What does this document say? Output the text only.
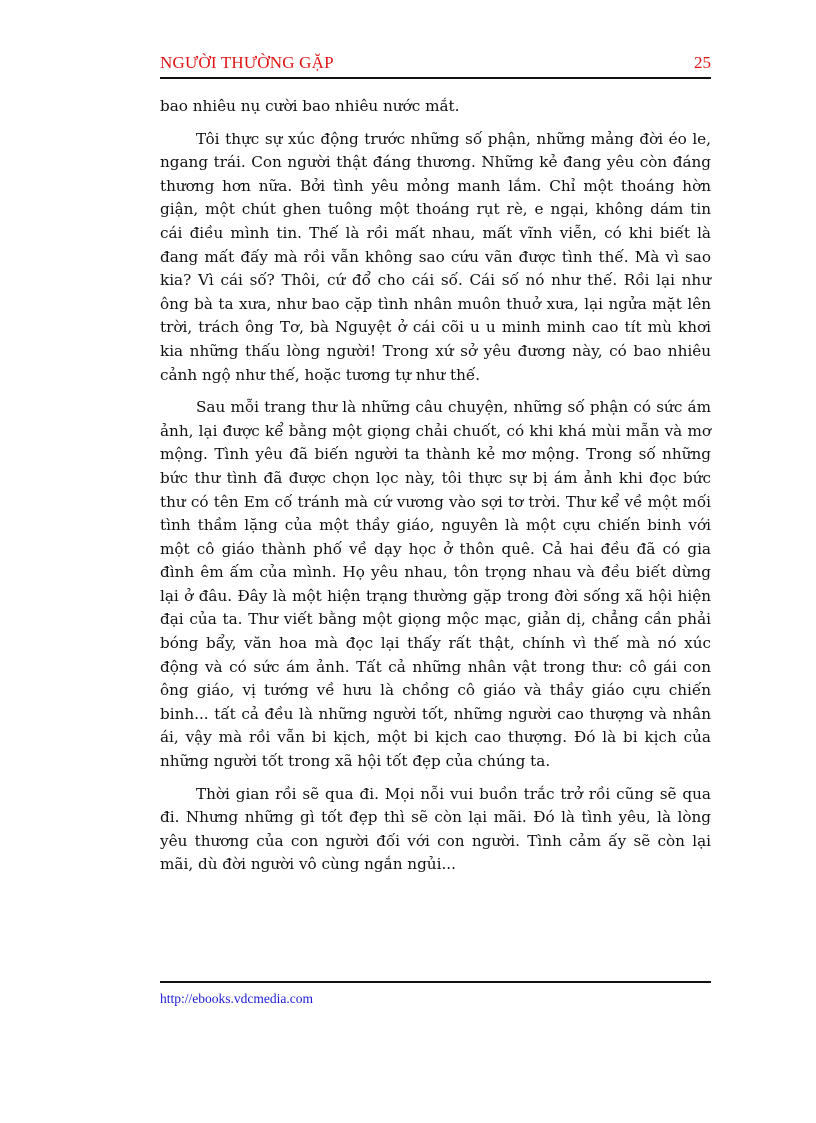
NGƯỜI THƯỜNG GẶP	25

bao nhiêu nụ cười bao nhiêu nước mắt.

Tôi thực sự xúc động trước những số phận, những mảng đời éo le, ngang trái. Con người thật đáng thương. Những kẻ đang yêu còn đáng thương hơn nữa. Bởi tình yêu mỏng manh lắm. Chỉ một thoáng hờn giận, một chút ghen tuông một thoáng rụt rè, e ngại, không dám tin cái điều mình tin. Thế là rồi mất nhau, mất vĩnh viễn, có khi biết là đang mất đấy mà rồi vẫn không sao cứu vãn được tình thế. Mà vì sao kia? Vì cái số? Thôi, cứ đổ cho cái số. Cái số nó như thế. Rồi lại như ông bà ta xưa, như bao cặp tình nhân muôn thuở xưa, lại ngửa mặt lên trời, trách ông Tơ, bà Nguyệt ở cái cõi u u minh minh cao tít mù khơi kia những thấu lòng người! Trong xứ sở yêu đương này, có bao nhiêu cảnh ngộ như thế, hoặc tương tự như thế.

Sau mỗi trang thư là những câu chuyện, những số phận có sức ám ảnh, lại được kể bằng một giọng chải chuốt, có khi khá mùi mẫn và mơ mộng. Tình yêu đã biến người ta thành kẻ mơ mộng. Trong số những bức thư tình đã được chọn lọc này, tôi thực sự bị ám ảnh khi đọc bức thư có tên Em cố tránh mà cứ vương vào sợi tơ trời. Thư kể về một mối tình thầm lặng của một thầy giáo, nguyên là một cựu chiến binh với một cô giáo thành phố về dạy học ở thôn quê. Cả hai đều đã có gia đình êm ấm của mình. Họ yêu nhau, tôn trọng nhau và đều biết dừng lại ở đâu. Đây là một hiện trạng thường gặp trong đời sống xã hội hiện đại của ta. Thư viết bằng một giọng mộc mạc, giản dị, chẳng cần phải bóng bẩy, văn hoa mà đọc lại thấy rất thật, chính vì thế mà nó xúc động và có sức ám ảnh. Tất cả những nhân vật trong thư: cô gái con ông giáo, vị tướng về hưu là chồng cô giáo và thầy giáo cựu chiến binh... tất cả đều là những người tốt, những người cao thượng và nhân ái, vậy mà rồi vẫn bi kịch, một bi kịch cao thượng. Đó là bi kịch của những người tốt trong xã hội tốt đẹp của chúng ta.

Thời gian rồi sẽ qua đi. Mọi nỗi vui buồn trắc trở rồi cũng sẽ qua đi. Nhưng những gì tốt đẹp thì sẽ còn lại mãi. Đó là tình yêu, là lòng yêu thương của con người đối với con người. Tình cảm ấy sẽ còn lại mãi, dù đời người vô cùng ngắn ngủi...

http://ebooks.vdcmedia.com
